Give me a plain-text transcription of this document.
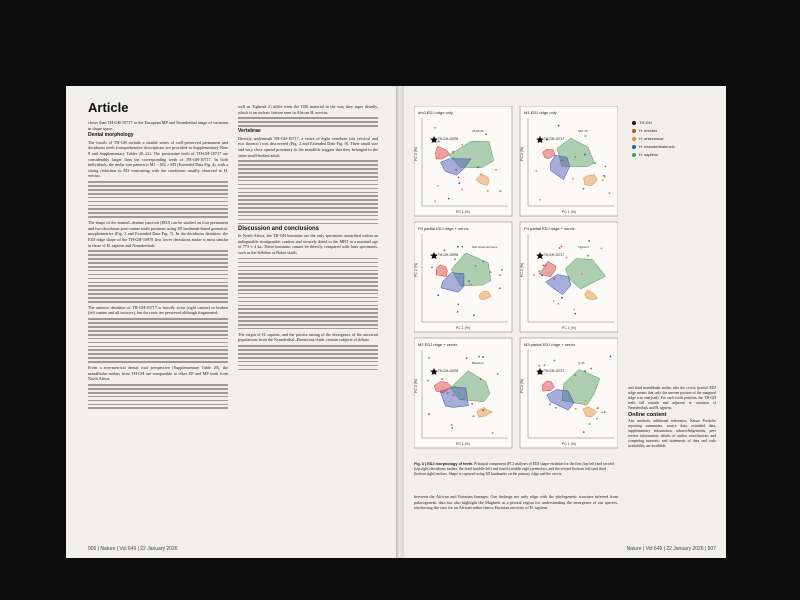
Article

closer than TH-GH-10717 to the European MP and Neanderthal range of variation in shape space.

Dental morphology

The fossils of TH-GH include a sizable series of well-preserved permanent and deciduous teeth (comprehensive descriptions are provided in Supplementary Note 8 and Supplementary Tables 20–22). The postcanine teeth of TH-GH-10717 are considerably larger than the corresponding teeth of TH-GH-10717. In both individuals, the molar size pattern is M1 < M2 > M3 (Extended Data Fig. 4), with a strong reduction in M3 contrasting with the conditions usually observed in H. erectus.

The shape of the enamel–dentine junction (EDJ) can be studied on four permanent and two deciduous post-canine tooth positions using 3D landmark-based geometric morphometrics (Fig. 3 and Extended Data Fig. 7). In the deciduous dentition, the EDJ ridge shape of the TH-GH-10978 first lower deciduous molar is most similar to those of H. sapiens and Neanderthals.

The anterior dentition of TH-GH-10717 is heavily worn (right canine) or broken (left canine and all incisors), but the roots are preserved although fragmented.

From a non-metrical dental trait perspective (Supplementary Table 20), the mandibular molars from TH-GH are comparable to other EP and MP teeth from North Africa.

well as Tighenif 2) differ from the TD6 material in the way they taper distally, which is an archaic feature seen in African H. erectus.

Vertebrae

Directly underneath TH-GH-10717, a series of eight vertebrae (six cervical and two thoracic) was discovered (Fig. 2 and Extended Data Fig. 9). Their small size and very close spatial proximity to the mandible suggest that they belonged to the same small-bodied adult.

Discussion and conclusions

In North Africa, the TH-GH hominins are the only specimens unearthed within an indisputable stratigraphic context and securely dated to the MBT at a nominal age of 773 ± 4 ka. These hominins cannot be directly compared with later specimens, such as the Kébibat or Rabat skulls.

The origin of H. sapiens, and the precise timing of the divergence of the ancestral populations from the Neanderthal–Denisovan clade, remain subjects of debate.

906 | Nature | Vol 649 | 22 January 2026
dm2 EDJ ridge only
PC 1 (%)
PC 2 (%)
TH-GH-10978
ATD6-69
M1 EDJ ridge only
PC 1 (%)
PC 2 (%)
TH-GH-10717
SkX 10
P3 partial EDJ ridge + cervix
PC 1 (%)
PC 2 (%)
TH-GH-10978
Sidi Abderrahmane
P4 partial EDJ ridge + cervix
PC 1 (%)
PC 2 (%)
TH-GH-10717
Tighenif
M2 EDJ ridge + cervix
PC 1 (%)
PC 2 (%)
TH-GH-10978
Balanica
M3 partial EDJ ridge + cervix
PC 1 (%)
PC 2 (%)
TH-GH-10717
Q 15
TH-GH
H. erectus
H. antecessor
H. neanderthalensis
H. sapiens

and third mandibular molar, also the cervix (partial EDJ ridge means that only the uneven portion of the marginal ridge was analysed). For each tooth position, the TH-GH teeth fall outside and adjacent to variation of Neanderthals and H. sapiens.

Online content

Any methods, additional references, Nature Portfolio reporting summaries, source data, extended data, supplementary information, acknowledgements, peer review information; details of author contributions and competing interests; and statements of data and code availability are available.

Fig. 3 | EDJ morphology of teeth. Principal component (PC) analyses of EDJ shape variation for the first (top left) and second (top right) deciduous molars, the third (middle left) and fourth (middle right) premolars, and the second (bottom left) and third (bottom right) molars. Shape is captured using 3D landmarks on the primary ridge and the cervix.

between the African and Eurasian lineages. Our findings not only align with the phylogenetic structure inferred from palaeogenetic data but also highlight the Maghreb as a pivotal region for understanding the emergence of our species, reinforcing the case for an African rather than a Eurasian ancestry of H. sapiens.

Nature | Vol 649 | 22 January 2026 | 907
